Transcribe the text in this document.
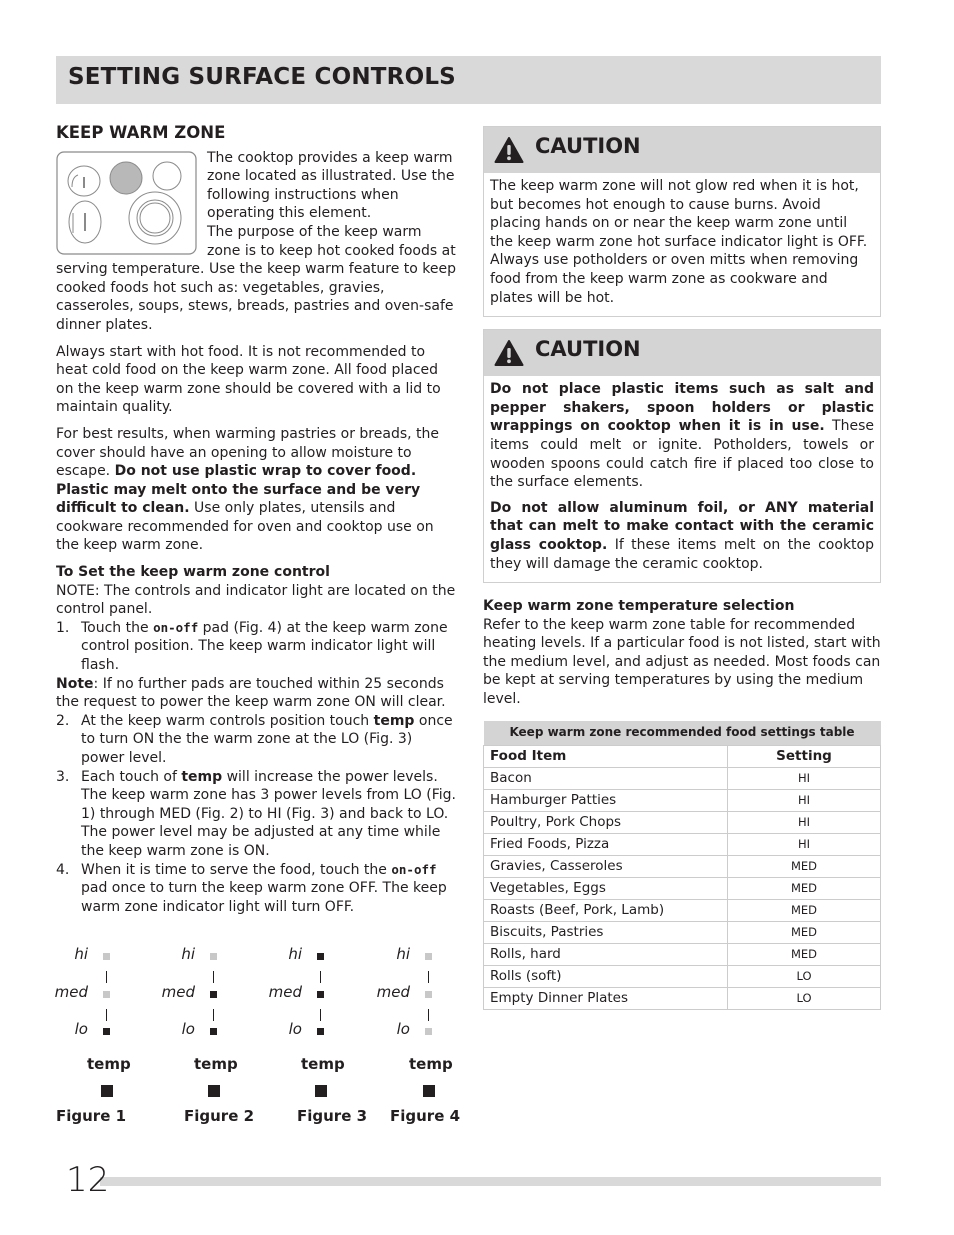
SETTING SURFACE CONTROLS
KEEP WARM ZONE

The cooktop provides a keep warm zone located as illustrated. Use the following instructions when operating this element.

The purpose of the keep warm zone is to keep hot cooked foods at serving temperature. Use the keep warm feature to keep cooked foods hot such as: vegetables, gravies, casseroles, soups, stews, breads, pastries and oven-safe dinner plates.

Always start with hot food. It is not recommended to heat cold food on the keep warm zone. All food placed on the keep warm zone should be covered with a lid to maintain quality.

For best results, when warming pastries or breads, the cover should have an opening to allow moisture to escape. Do not use plastic wrap to cover food. Plastic may melt onto the surface and be very difficult to clean. Use only plates, utensils and cookware recommended for oven and cooktop use on the keep warm zone.

To Set the keep warm zone control
NOTE: The controls and indicator light are located on the control panel.
1. Touch the on-off pad (Fig. 4) at the keep warm zone control position. The keep warm indicator light will flash.
Note: If no further pads are touched within 25 seconds the request to power the keep warm zone ON will clear.
2. At the keep warm controls position touch temp once to turn ON the the warm zone at the LO (Fig. 3) power level.
3. Each touch of temp will increase the power levels. The keep warm zone has 3 power levels from LO (Fig. 1) through MED (Fig. 2) to HI (Fig. 3) and back to LO. The power level may be adjusted at any time while the keep warm zone is ON.
4. When it is time to serve the food, touch the on-off pad once to turn the keep warm zone OFF. The keep warm zone indicator light will turn OFF.
hi
med
lo
temp
Figure 1
hi
med
lo
temp
Figure 2
hi
med
lo
temp
Figure 3
hi
med
lo
temp
Figure 4
CAUTION

The keep warm zone will not glow red when it is hot, but becomes hot enough to cause burns. Avoid placing hands on or near the keep warm zone until the keep warm zone hot surface indicator light is OFF. Always use potholders or oven mitts when removing food from the keep warm zone as cookware and plates will be hot.

CAUTION

Do not place plastic items such as salt and pepper shakers, spoon holders or plastic wrappings on cooktop when it is in use. These items could melt or ignite. Potholders, towels or wooden spoons could catch fire if placed too close to the surface elements.

Do not allow aluminum foil, or ANY material that can melt to make contact with the ceramic glass cooktop. If these items melt on the cooktop they will damage the ceramic cooktop.

Keep warm zone temperature selection
Refer to the keep warm zone table for recommended heating levels. If a particular food is not listed, start with the medium level, and adjust as needed. Most foods can be kept at serving temperatures by using the medium level.
Keep warm zone recommended food settings table	
Food Item	Setting
Bacon	HI
Hamburger Patties	HI
Poultry, Pork Chops	HI
Fried Foods, Pizza	HI
Gravies, Casseroles	MED
Vegetables, Eggs	MED
Roasts (Beef, Pork, Lamb)	MED
Biscuits, Pastries	MED
Rolls, hard	MED
Rolls (soft)	LO
Empty Dinner Plates	LO
12
